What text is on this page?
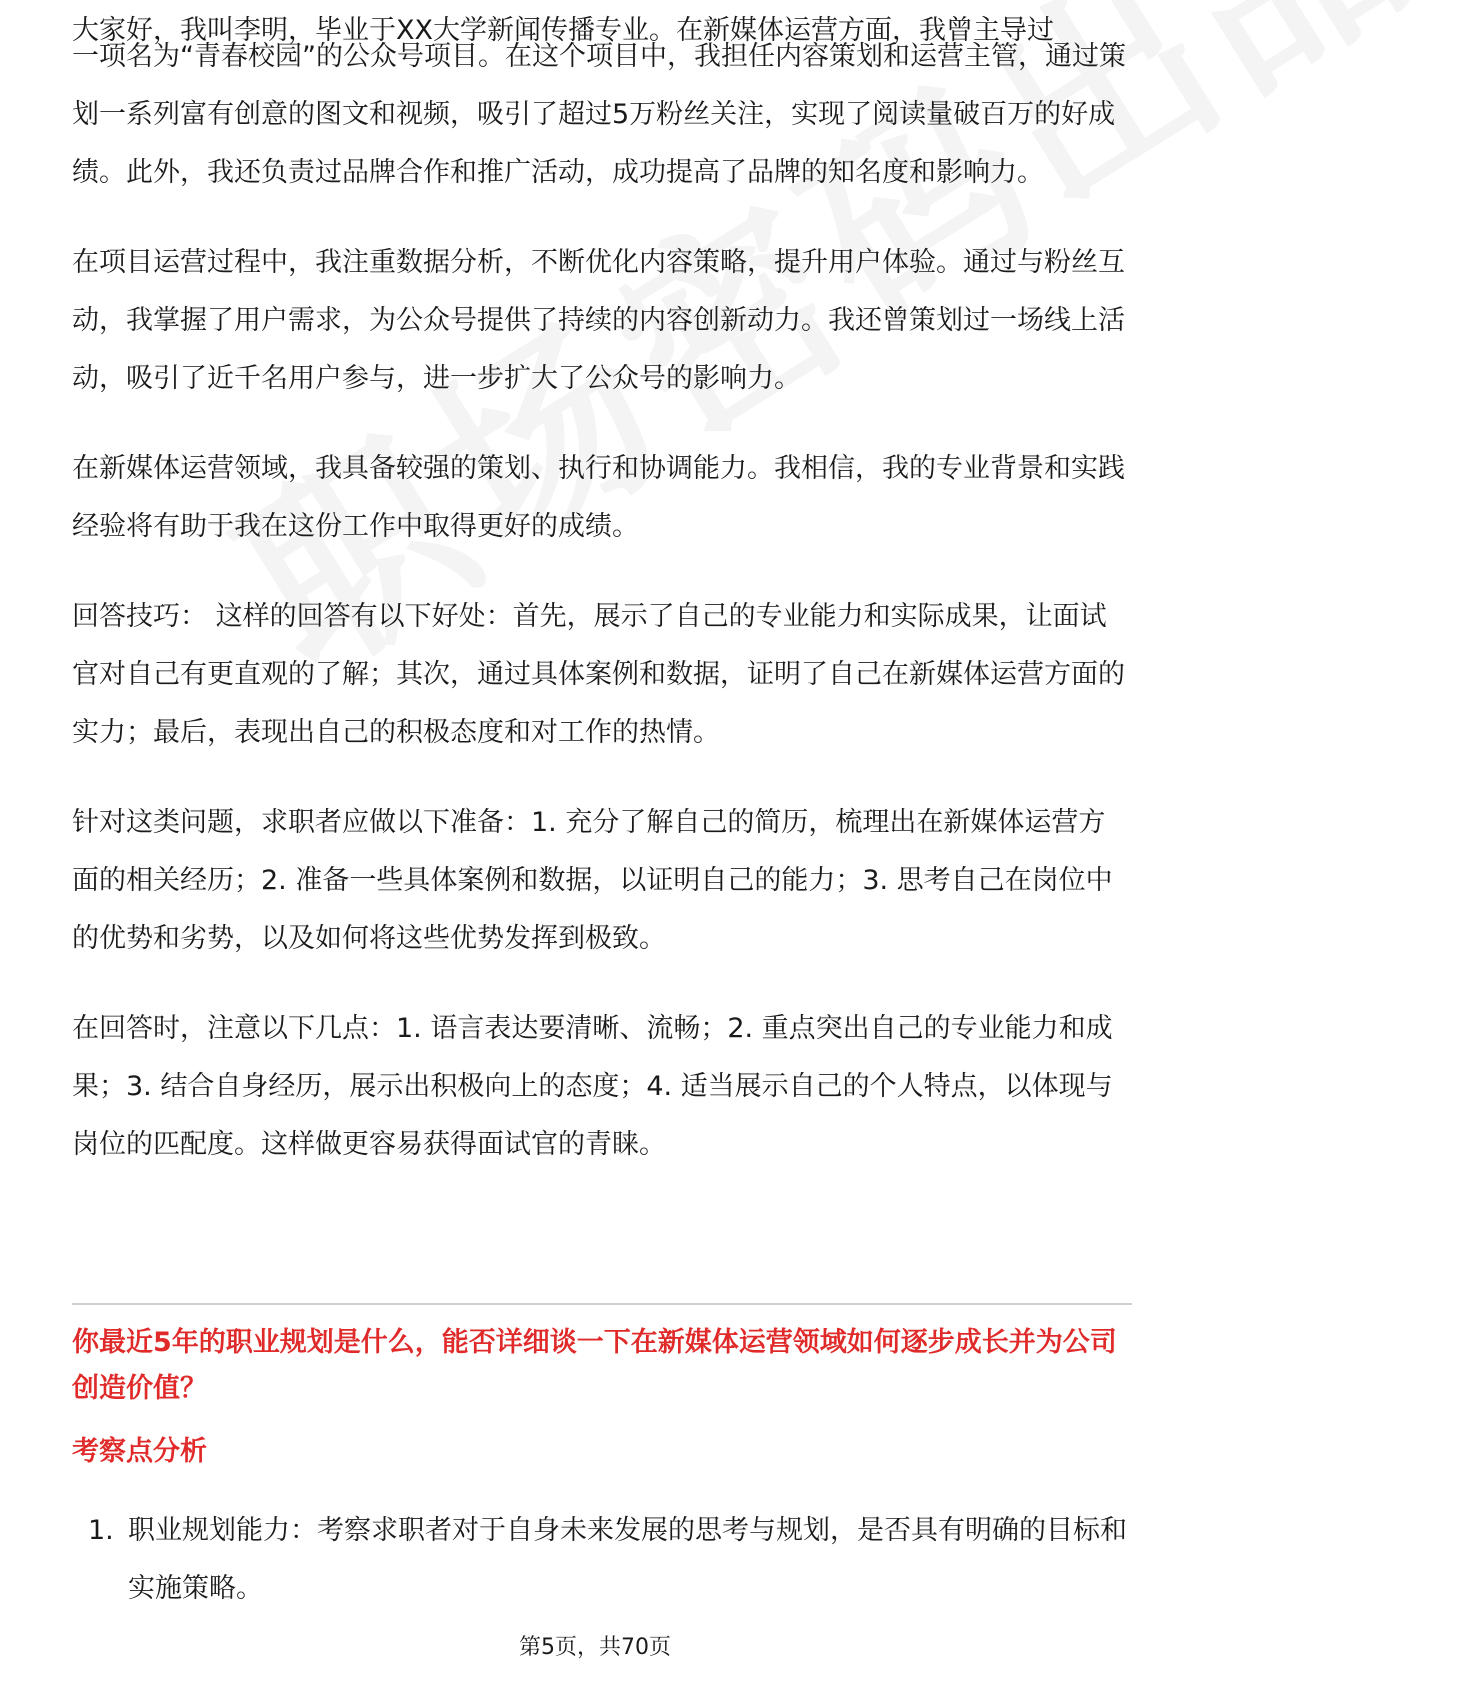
大家好，我叫李明，毕业于XX大学新闻传播专业。在新媒体运营方面，我曾主导过

一项名为“青春校园”的公众号项目。在这个项目中，我担任内容策划和运营主管，通过策划一系列富有创意的图文和视频，吸引了超过5万粉丝关注，实现了阅读量破百万的好成绩。此外，我还负责过品牌合作和推广活动，成功提高了品牌的知名度和影响力。

在项目运营过程中，我注重数据分析，不断优化内容策略，提升用户体验。通过与粉丝互动，我掌握了用户需求，为公众号提供了持续的内容创新动力。我还曾策划过一场线上活动，吸引了近千名用户参与，进一步扩大了公众号的影响力。

在新媒体运营领域，我具备较强的策划、执行和协调能力。我相信，我的专业背景和实践经验将有助于我在这份工作中取得更好的成绩。

回答技巧： 这样的回答有以下好处：首先，展示了自己的专业能力和实际成果，让面试官对自己有更直观的了解；其次，通过具体案例和数据，证明了自己在新媒体运营方面的实力；最后，表现出自己的积极态度和对工作的热情。

针对这类问题，求职者应做以下准备：1. 充分了解自己的简历，梳理出在新媒体运营方面的相关经历；2. 准备一些具体案例和数据，以证明自己的能力；3. 思考自己在岗位中的优势和劣势，以及如何将这些优势发挥到极致。

在回答时，注意以下几点：1. 语言表达要清晰、流畅；2. 重点突出自己的专业能力和成果；3. 结合自身经历，展示出积极向上的态度；4. 适当展示自己的个人特点，以体现与岗位的匹配度。这样做更容易获得面试官的青睐。

你最近5年的职业规划是什么，能否详细谈一下在新媒体运营领域如何逐步成长并为公司创造价值？

考察点分析

1. 职业规划能力：考察求职者对于自身未来发展的思考与规划，是否具有明确的目标和实施策略。
第5页，共70页
